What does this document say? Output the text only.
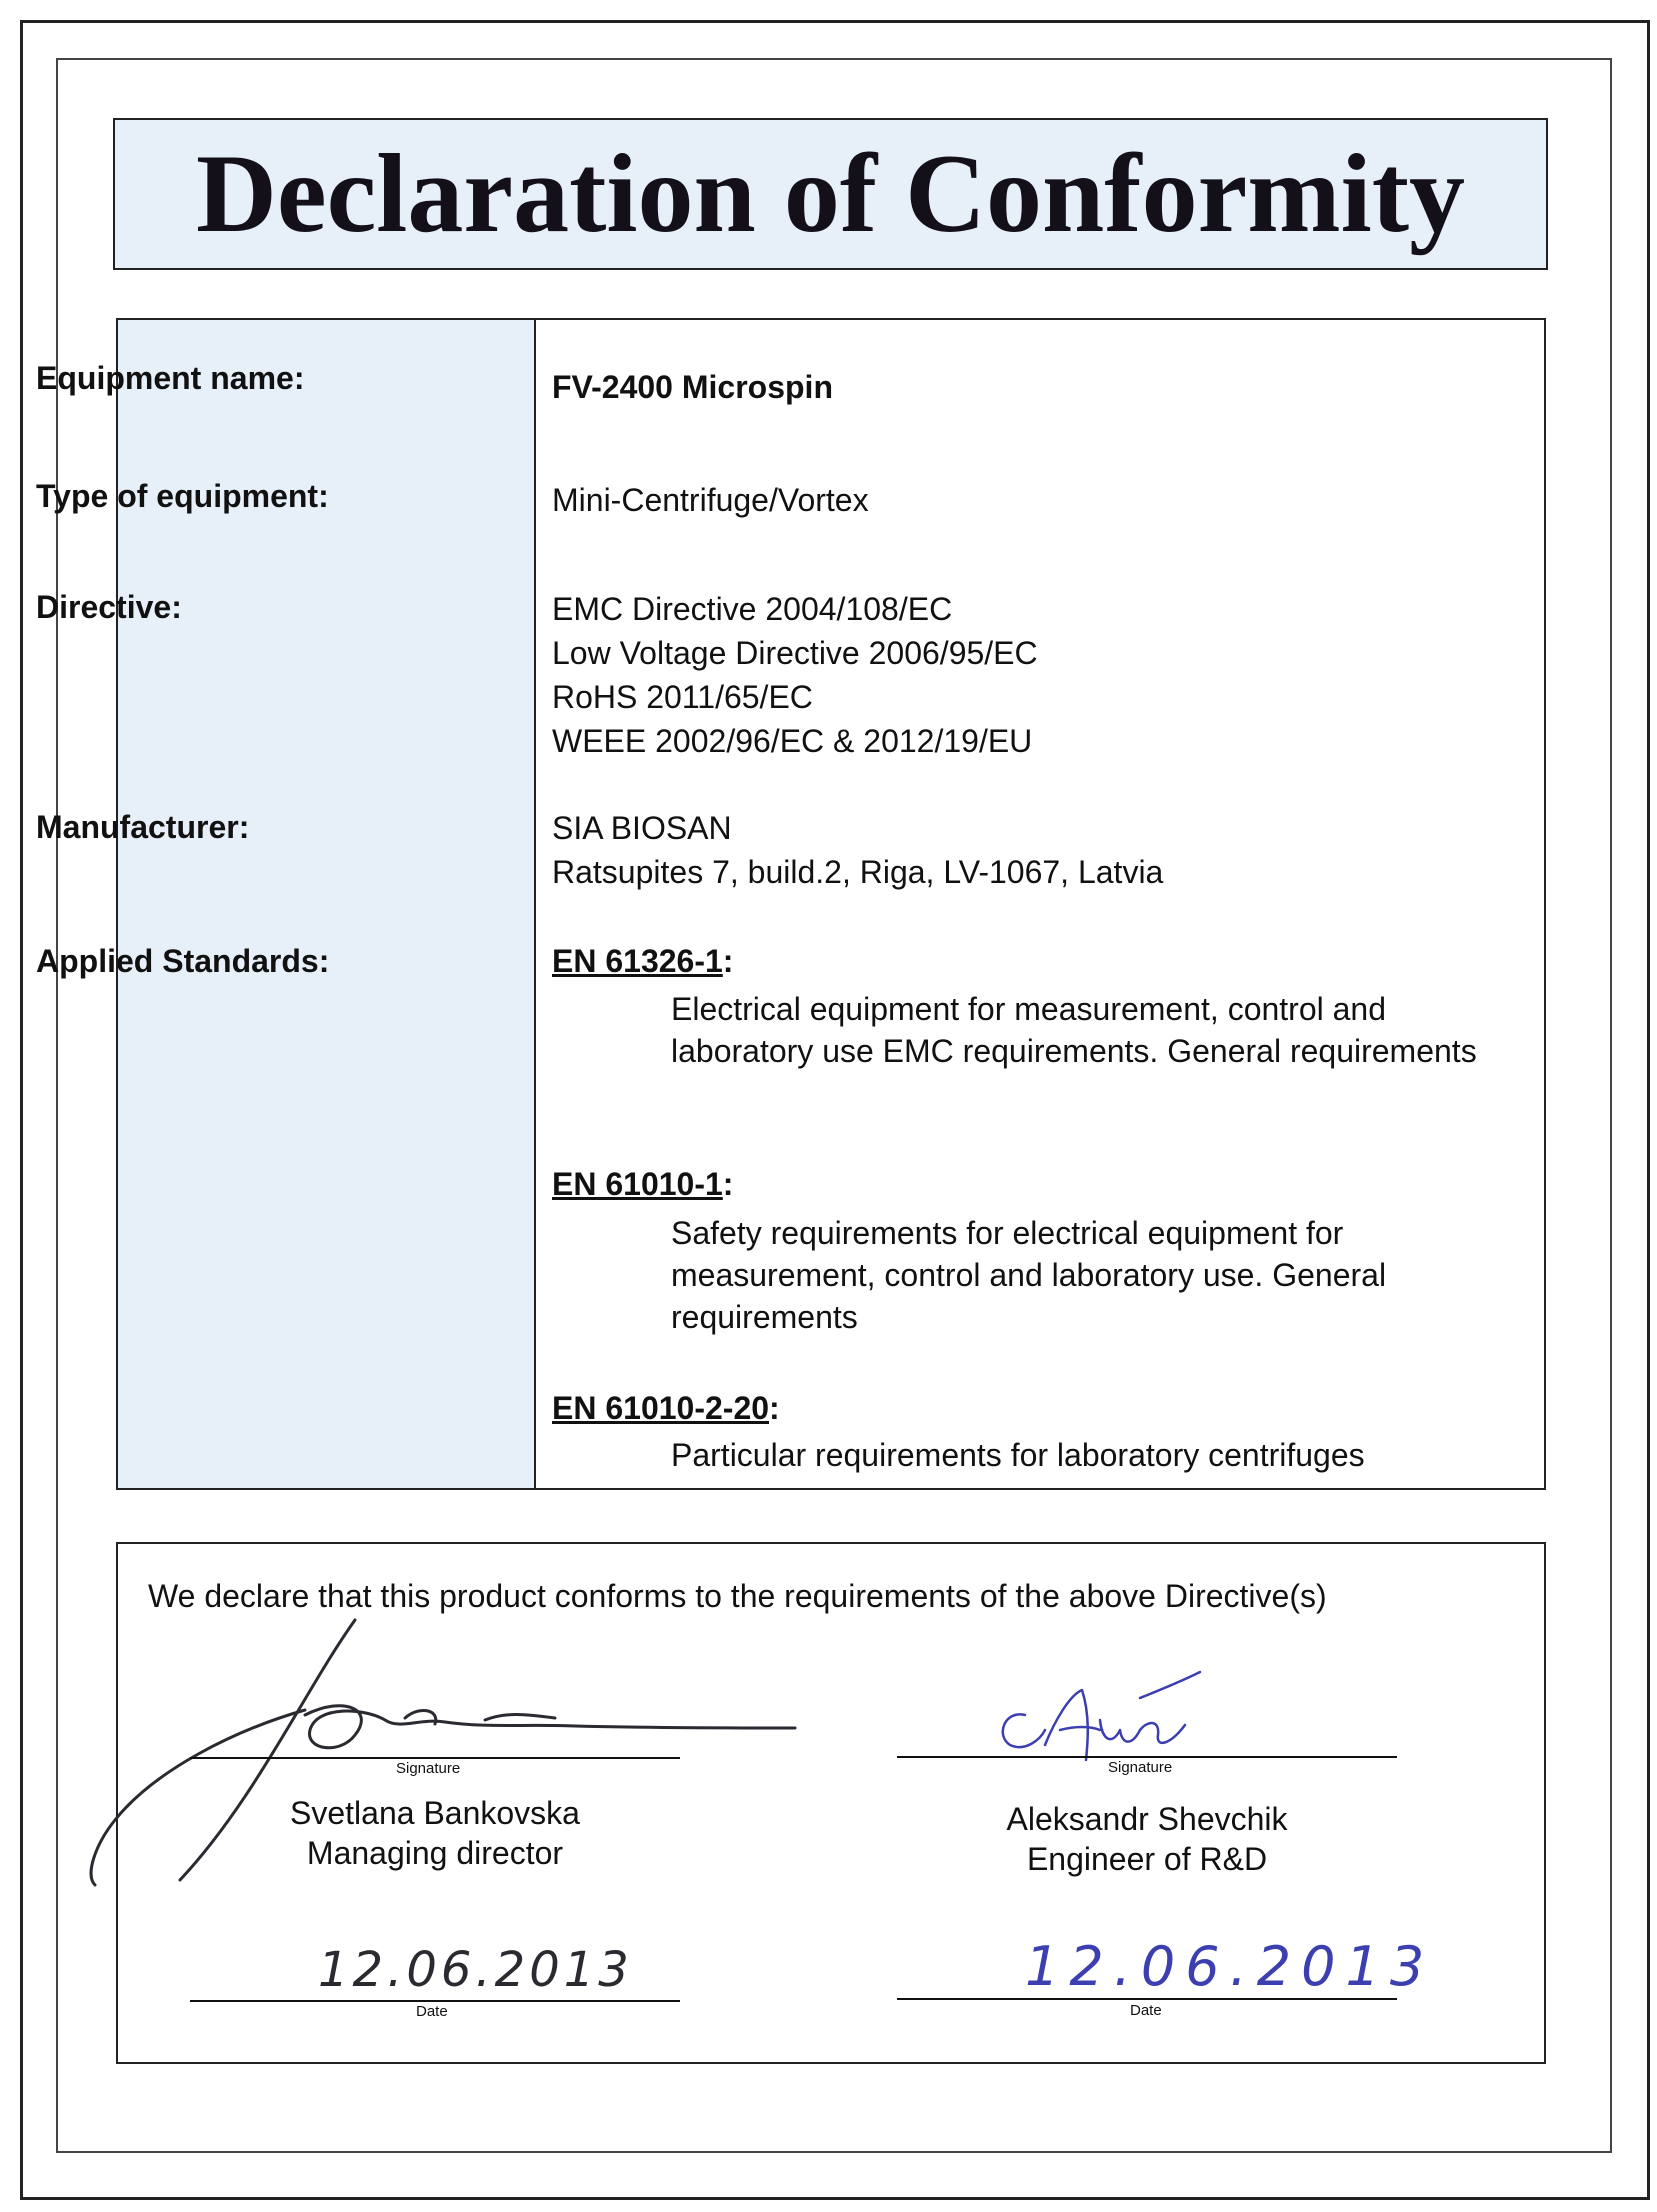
Declaration of Conformity
Equipment name:
Type of equipment:
Directive:
Manufacturer:
Applied Standards:
FV-2400 Microspin
Mini-Centrifuge/Vortex
EMC Directive 2004/108/EC
Low Voltage Directive 2006/95/EC
RoHS 2011/65/EC
WEEE 2002/96/EC & 2012/19/EU
SIA BIOSAN
Ratsupites 7, build.2, Riga, LV-1067, Latvia
EN 61326-1:
Electrical equipment for measurement, control and laboratory use EMC requirements. General requirements
EN 61010-1:
Safety requirements for electrical equipment for measurement, control and laboratory use. General requirements
EN 61010-2-20:
Particular requirements for laboratory centrifuges
We declare that this product conforms to the requirements of the above Directive(s)
Signature
Svetlana Bankovska
Managing director
12.06.2013
Date
Signature
Aleksandr Shevchik
Engineer of R&D
12.06.2013
Date
